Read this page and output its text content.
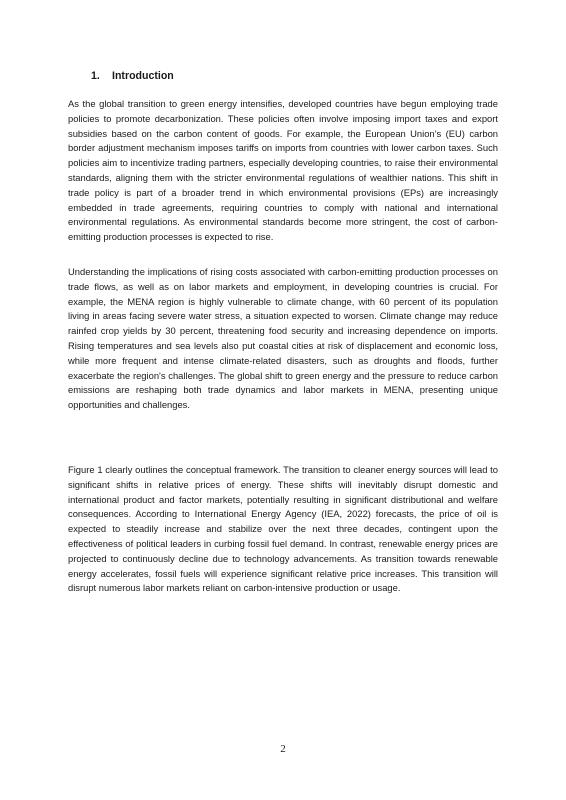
1. Introduction

As the global transition to green energy intensifies, developed countries have begun employing trade policies to promote decarbonization. These policies often involve imposing import taxes and export subsidies based on the carbon content of goods. For example, the European Union’s (EU) carbon border adjustment mechanism imposes tariffs on imports from countries with lower carbon taxes. Such policies aim to incentivize trading partners, especially developing countries, to raise their environmental standards, aligning them with the stricter environmental regulations of wealthier nations. This shift in trade policy is part of a broader trend in which environmental provisions (EPs) are increasingly embedded in trade agreements, requiring countries to comply with national and international environmental regulations. As environmental standards become more stringent, the cost of carbon-emitting production processes is expected to rise.

Understanding the implications of rising costs associated with carbon-emitting production processes on trade flows, as well as on labor markets and employment, in developing countries is crucial. For example, the MENA region is highly vulnerable to climate change, with 60 percent of its population living in areas facing severe water stress, a situation expected to worsen. Climate change may reduce rainfed crop yields by 30 percent, threatening food security and increasing dependence on imports. Rising temperatures and sea levels also put coastal cities at risk of displacement and economic loss, while more frequent and intense climate-related disasters, such as droughts and floods, further exacerbate the region's challenges. The global shift to green energy and the pressure to reduce carbon emissions are reshaping both trade dynamics and labor markets in MENA, presenting unique opportunities and challenges.

Figure 1 clearly outlines the conceptual framework. The transition to cleaner energy sources will lead to significant shifts in relative prices of energy. These shifts will inevitably disrupt domestic and international product and factor markets, potentially resulting in significant distributional and welfare consequences. According to International Energy Agency (IEA, 2022) forecasts, the price of oil is expected to steadily increase and stabilize over the next three decades, contingent upon the effectiveness of political leaders in curbing fossil fuel demand. In contrast, renewable energy prices are projected to continuously decline due to technology advancements. As transition towards renewable energy accelerates, fossil fuels will experience significant relative price increases. This transition will disrupt numerous labor markets reliant on carbon-intensive production or usage.

2
